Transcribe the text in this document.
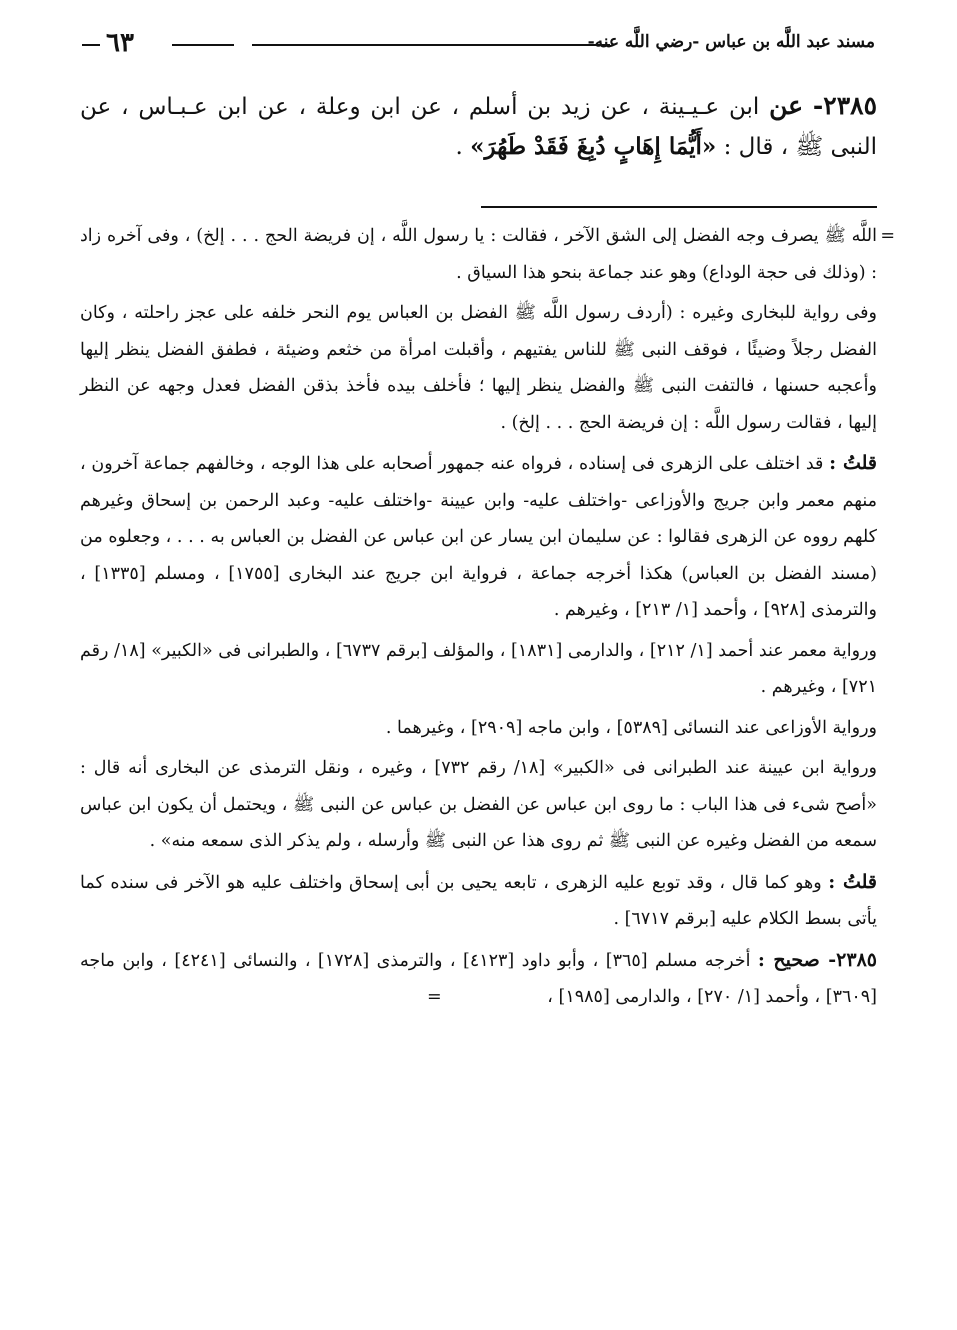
مسند عبد اللَّه بن عباس -رضي اللَّه عنه-
٦٣
٢٣٨٥- عن ابن عـيـينة ، عن زيد بن أسلم ، عن ابن وعلة ، عن ابن عـبـاس ، عن النبى ﷺ ، قال : «أَيُّمَا إِهَابٍ دُبِغَ فَقَدْ طَهُرَ» .

=
اللَّه ﷺ يصرف وجه الفضل إلى الشق الآخر ، فقالت : يا رسول اللَّه ، إن فريضة الحج . . . إلخ) ، وفى آخره زاد : (وذلك فى حجة الوداع) وهو عند جماعة بنحو هذا السياق .

وفى رواية للبخارى وغيره : (أردف رسول اللَّه ﷺ الفضل بن العباس يوم النحر خلفه على عجز راحلته ، وكان الفضل رجلاً وضيئًا ، فوقف النبى ﷺ للناس يفتيهم ، وأقبلت امرأة من خثعم وضيئة ، فطفق الفضل ينظر إليها وأعجبه حسنها ، فالتفت النبى ﷺ والفضل ينظر إليها ؛ فأخلف بيده فأخذ بذقن الفضل فعدل وجهه عن النظر إليها ، فقالت رسول اللَّه : إن فريضة الحج . . . إلخ) .

قلتُ : قد اختلف على الزهرى فى إسناده ، فرواه عنه جمهور أصحابه على هذا الوجه ، وخالفهم جماعة آخرون ، منهم معمر وابن جريج والأوزاعى -واختلف عليه- وابن عيينة -واختلف عليه- وعبد الرحمن بن إسحاق وغيرهم كلهم رووه عن الزهرى فقالوا : عن سليمان ابن يسار عن ابن عباس عن الفضل بن العباس به . . . ، وجعلوه من (مسند الفضل بن العباس) هكذا أخرجه جماعة ، فرواية ابن جريج عند البخارى [١٧٥٥] ، ومسلم [١٣٣٥] ، والترمذى [٩٢٨] ، وأحمد [١/ ٢١٣] ، وغيرهم .

ورواية معمر عند أحمد [١/ ٢١٢] ، والدارمى [١٨٣١] ، والمؤلف [برقم ٦٧٣٧] ، والطبرانى فى «الكبير» [١٨/ رقم ٧٢١] ، وغيرهم .

ورواية الأوزاعى عند النسائى [٥٣٨٩] ، وابن ماجه [٢٩٠٩] ، وغيرهما .

ورواية ابن عيينة عند الطبرانى فى «الكبير» [١٨/ رقم ٧٣٢] ، وغيره ، ونقل الترمذى عن البخارى أنه قال : «أصح شىء فى هذا الباب : ما روى ابن عباس عن الفضل بن عباس عن النبى ﷺ ، ويحتمل أن يكون ابن عباس سمعه من الفضل وغيره عن النبى ﷺ ثم روى هذا عن النبى ﷺ وأرسله ، ولم يذكر الذى سمعه منه» .

قلتُ : وهو كما قال ، وقد توبع عليه الزهرى ، تابعه يحيى بن أبى إسحاق واختلف عليه هو الآخر فى سنده كما يأتى بسط الكلام عليه [برقم ٦٧١٧] .

٢٣٨٥- صحيح : أخرجه مسلم [٣٦٥] ، وأبو داود [٤١٢٣] ، والترمذى [١٧٢٨] ، والنسائى [٤٢٤١] ، وابن ماجه [٣٦٠٩] ، وأحمد [١/ ٢٧٠] ، والدارمى [١٩٨٥] ، =
